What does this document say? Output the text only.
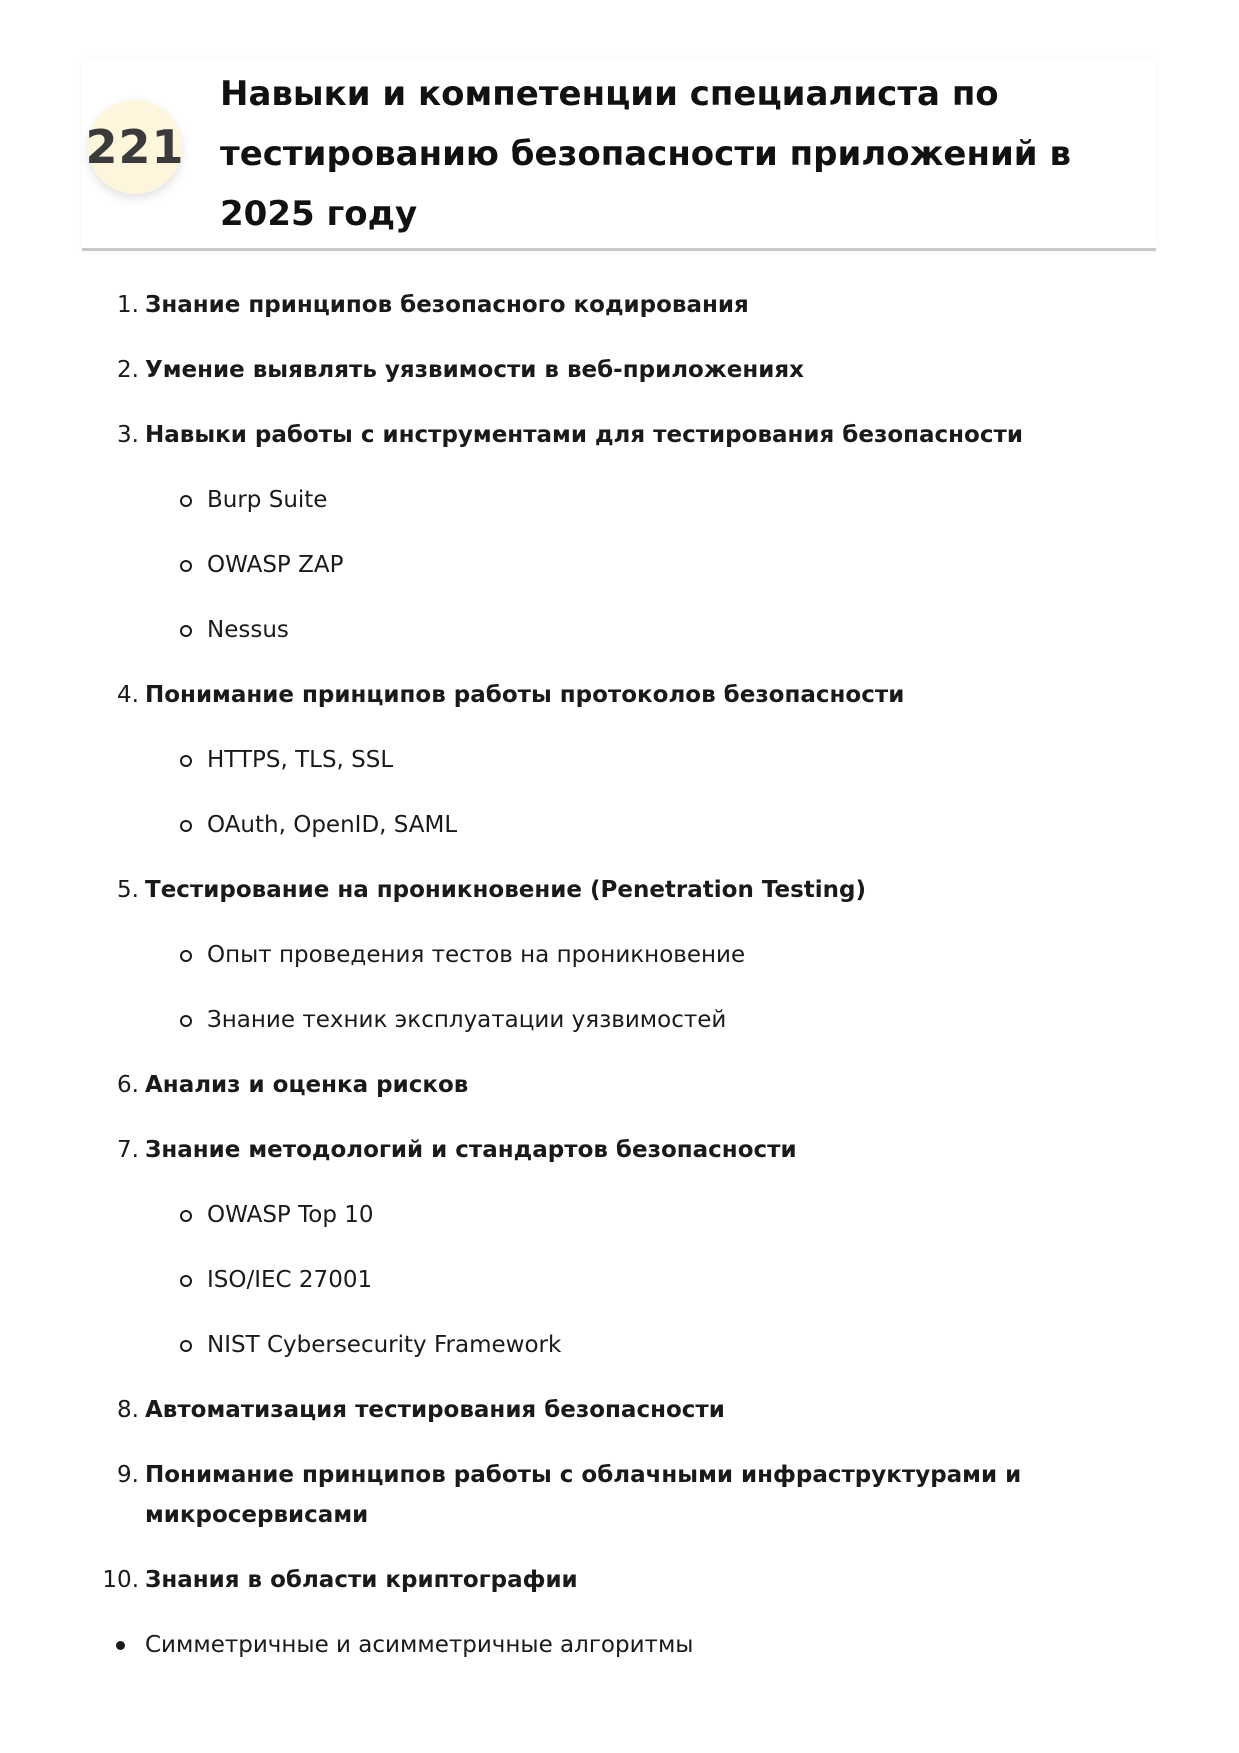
221
Навыки и компетенции специалиста по тестированию безопасности приложений в 2025 году
1. Знание принципов безопасного кодирования
2. Умение выявлять уязвимости в веб-приложениях
3. Навыки работы с инструментами для тестирования безопасности
Burp Suite
OWASP ZAP
Nessus
4. Понимание принципов работы протоколов безопасности
HTTPS, TLS, SSL
OAuth, OpenID, SAML
5. Тестирование на проникновение (Penetration Testing)
Опыт проведения тестов на проникновение
Знание техник эксплуатации уязвимостей
6. Анализ и оценка рисков
7. Знание методологий и стандартов безопасности
OWASP Top 10
ISO/IEC 27001
NIST Cybersecurity Framework
8. Автоматизация тестирования безопасности
9. Понимание принципов работы с облачными инфраструктурами и микросервисами
10. Знания в области криптографии
Симметричные и асимметричные алгоритмы
